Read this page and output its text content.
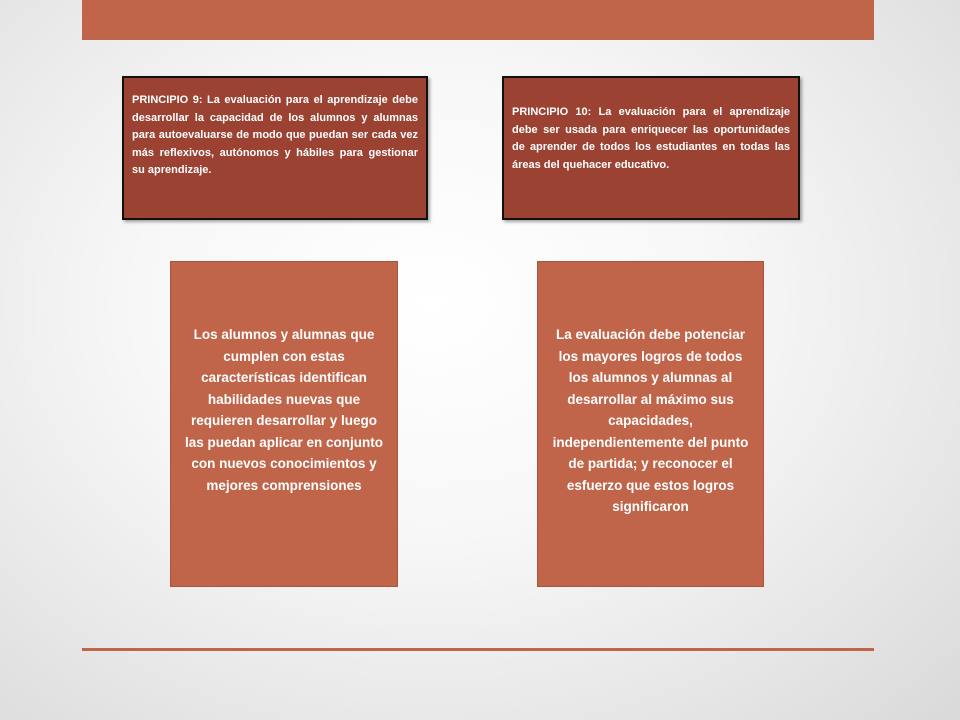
PRINCIPIO 9: La evaluación para el aprendizaje debe desarrollar la capacidad de los alumnos y alumnas para autoevaluarse de modo que puedan ser cada vez más reflexivos, autónomos y hábiles para gestionar su aprendizaje.
PRINCIPIO 10: La evaluación para el aprendizaje debe ser usada para enriquecer las oportunidades de aprender de todos los estudiantes en todas las áreas del quehacer educativo.
Los alumnos y alumnas que cumplen con estas características identifican habilidades nuevas que requieren desarrollar y luego las puedan aplicar en conjunto con nuevos conocimientos y mejores comprensiones
La evaluación debe potenciar los mayores logros de todos los alumnos y alumnas al desarrollar al máximo sus capacidades, independientemente del punto de partida; y reconocer el esfuerzo que estos logros significaron
